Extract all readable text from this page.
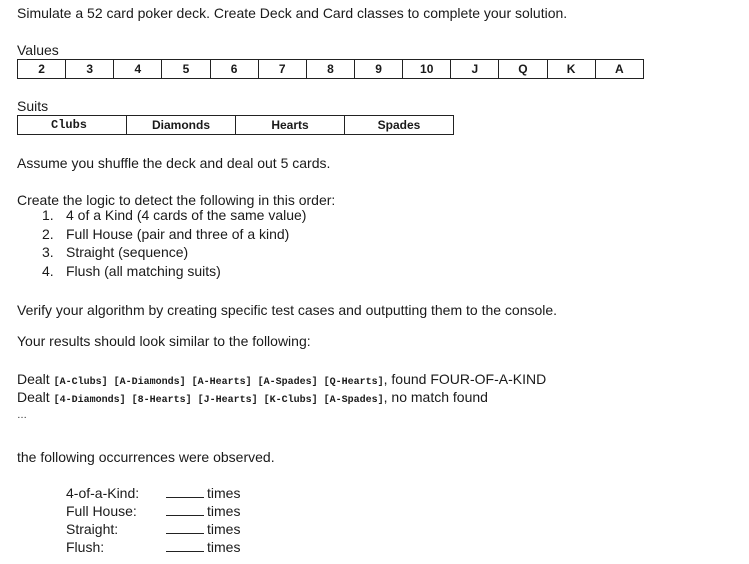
Simulate a 52 card poker deck. Create Deck and Card classes to complete your solution.
Values
2	3	4	5	6	7	8	9	10	J	Q	K	A
Suits
Clubs	Diamonds	Hearts	Spades
Assume you shuffle the deck and deal out 5 cards.
Create the logic to detect the following in this order:
1. 4 of a Kind (4 cards of the same value)
2. Full House (pair and three of a kind)
3. Straight (sequence)
4. Flush (all matching suits)
Verify your algorithm by creating specific test cases and outputting them to the console.
Your results should look similar to the following:
Dealt [A-Clubs] [A-Diamonds] [A-Hearts] [A-Spades] [Q-Hearts], found FOUR-OF-A-KIND
Dealt [4-Diamonds] [8-Hearts] [J-Hearts] [K-Clubs] [A-Spades], no match found
…
the following occurrences were observed.
4-of-a-Kind:	times
Full House:	times
Straight:	times
Flush:	times
